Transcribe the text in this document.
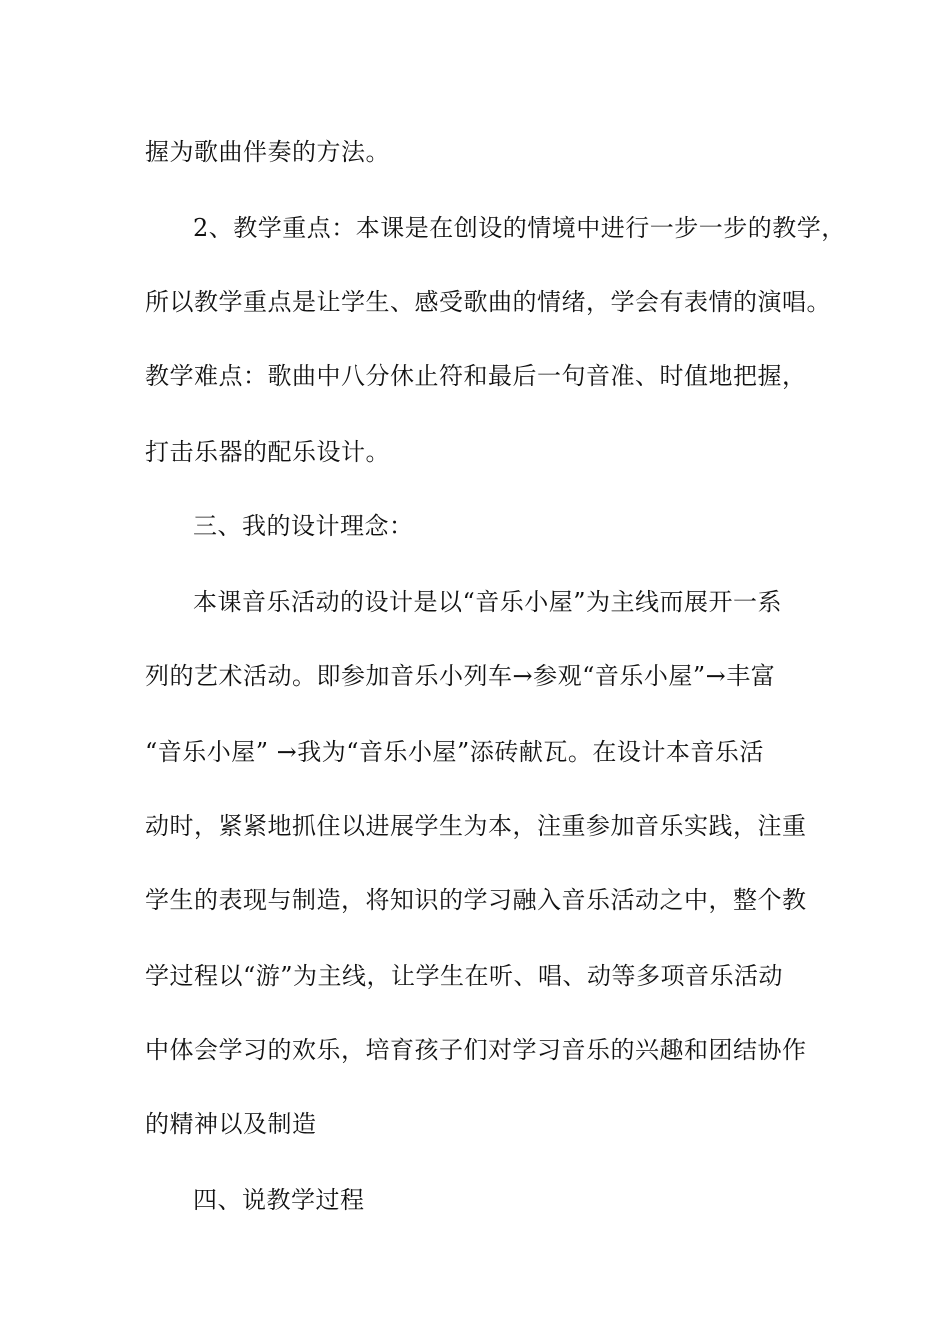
握为歌曲伴奏的方法。
2、教学重点：本课是在创设的情境中进行一步一步的教学，
所以教学重点是让学生、感受歌曲的情绪，学会有表情的演唱。
教学难点：歌曲中八分休止符和最后一句音准、时值地把握，
打击乐器的配乐设计。
三、我的设计理念：
本课音乐活动的设计是以“音乐小屋”为主线而展开一系
列的艺术活动。即参加音乐小列车→参观“音乐小屋”→丰富
“音乐小屋” →我为“音乐小屋”添砖献瓦。在设计本音乐活
动时，紧紧地抓住以进展学生为本，注重参加音乐实践，注重
学生的表现与制造，将知识的学习融入音乐活动之中，整个教
学过程以“游”为主线，让学生在听、唱、动等多项音乐活动
中体会学习的欢乐，培育孩子们对学习音乐的兴趣和团结协作
的精神以及制造
四、说教学过程
